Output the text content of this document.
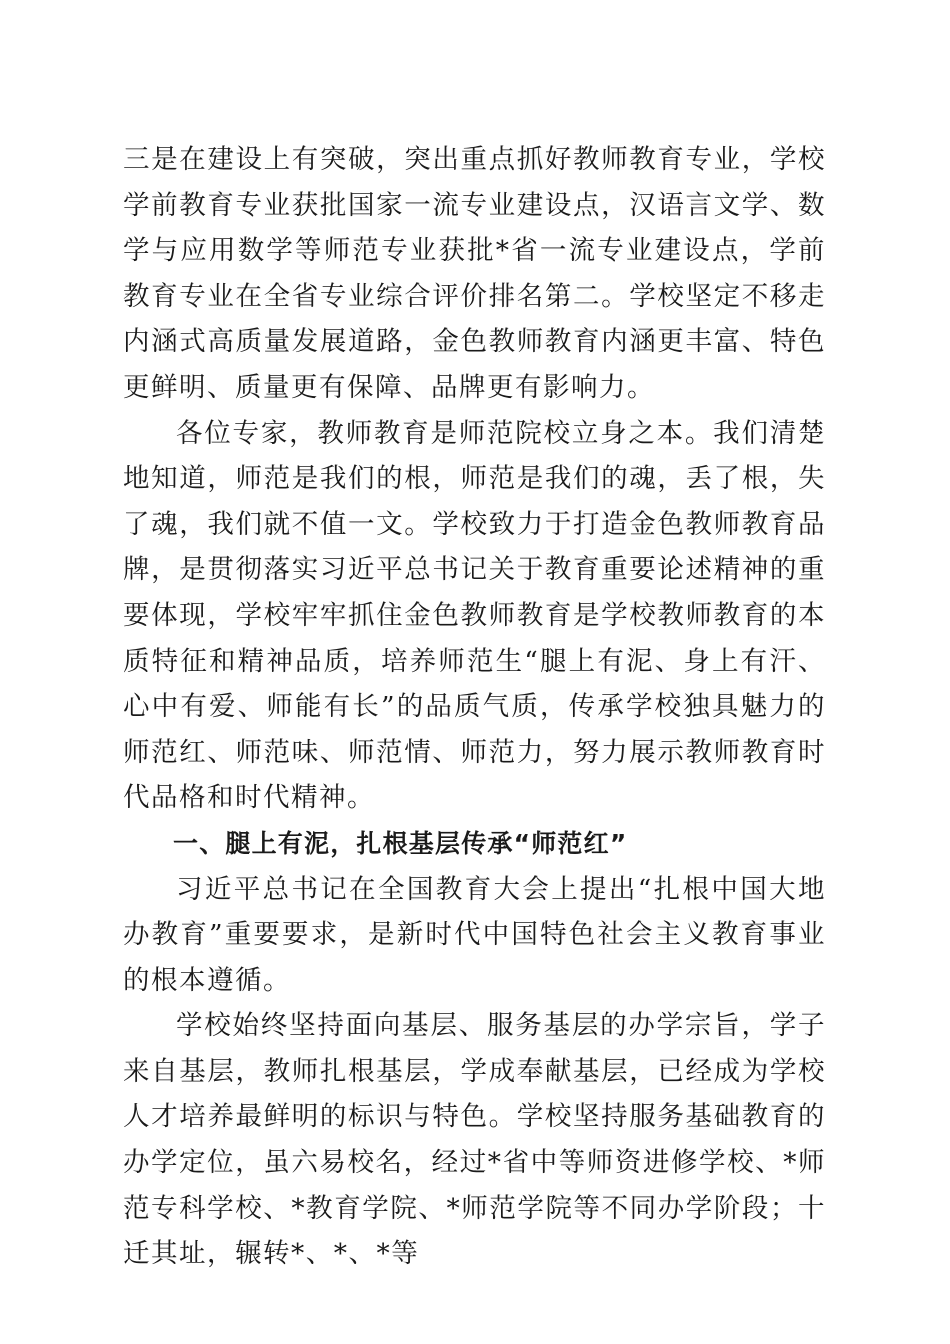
三是在建设上有突破，突出重点抓好教师教育专业，学校学前教育专业获批国家一流专业建设点，汉语言文学、数学与应用数学等师范专业获批*省一流专业建设点，学前教育专业在全省专业综合评价排名第二。学校坚定不移走内涵式高质量发展道路，金色教师教育内涵更丰富、特色更鲜明、质量更有保障、品牌更有影响力。

各位专家，教师教育是师范院校立身之本。我们清楚地知道，师范是我们的根，师范是我们的魂，丢了根，失了魂，我们就不值一文。学校致力于打造金色教师教育品牌，是贯彻落实习近平总书记关于教育重要论述精神的重要体现，学校牢牢抓住金色教师教育是学校教师教育的本质特征和精神品质，培养师范生“腿上有泥、身上有汗、心中有爱、师能有长”的品质气质，传承学校独具魅力的师范红、师范味、师范情、师范力，努力展示教师教育时代品格和时代精神。

一、腿上有泥，扎根基层传承“师范红”

习近平总书记在全国教育大会上提出“扎根中国大地办教育”重要要求，是新时代中国特色社会主义教育事业的根本遵循。

学校始终坚持面向基层、服务基层的办学宗旨，学子来自基层，教师扎根基层，学成奉献基层，已经成为学校人才培养最鲜明的标识与特色。学校坚持服务基础教育的办学定位，虽六易校名，经过*省中等师资进修学校、*师范专科学校、*教育学院、*师范学院等不同办学阶段；十迁其址，辗转*、*、*等
